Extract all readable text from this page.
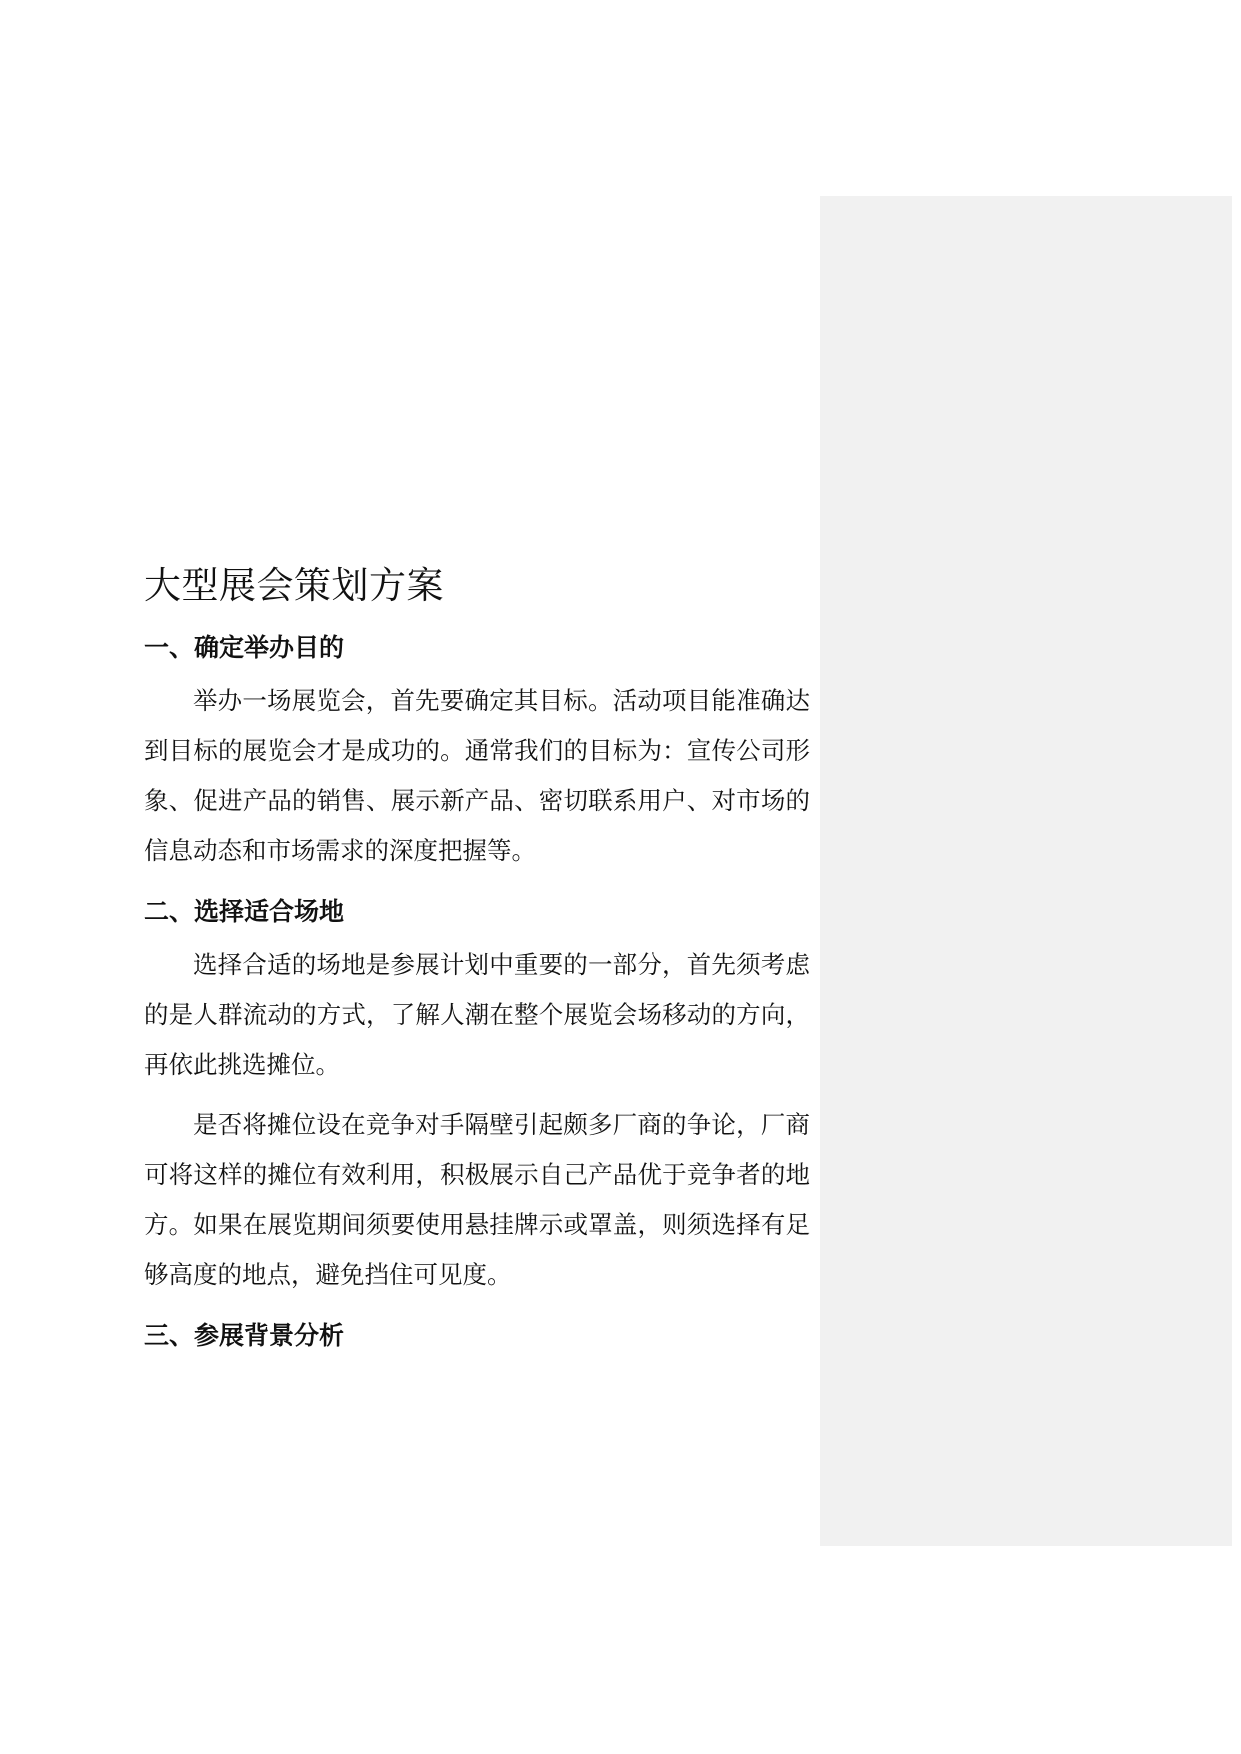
大型展会策划方案
一、确定举办目的

举办一场展览会，首先要确定其目标。活动项目能准确达到目标的展览会才是成功的。通常我们的目标为：宣传公司形象、促进产品的销售、展示新产品、密切联系用户、对市场的信息动态和市场需求的深度把握等。

二、选择适合场地

选择合适的场地是参展计划中重要的一部分，首先须考虑的是人群流动的方式，了解人潮在整个展览会场移动的方向，再依此挑选摊位。

是否将摊位设在竞争对手隔壁引起颇多厂商的争论，厂商可将这样的摊位有效利用，积极展示自己产品优于竞争者的地方。如果在展览期间须要使用悬挂牌示或罩盖，则须选择有足够高度的地点，避免挡住可见度。

三、参展背景分析
